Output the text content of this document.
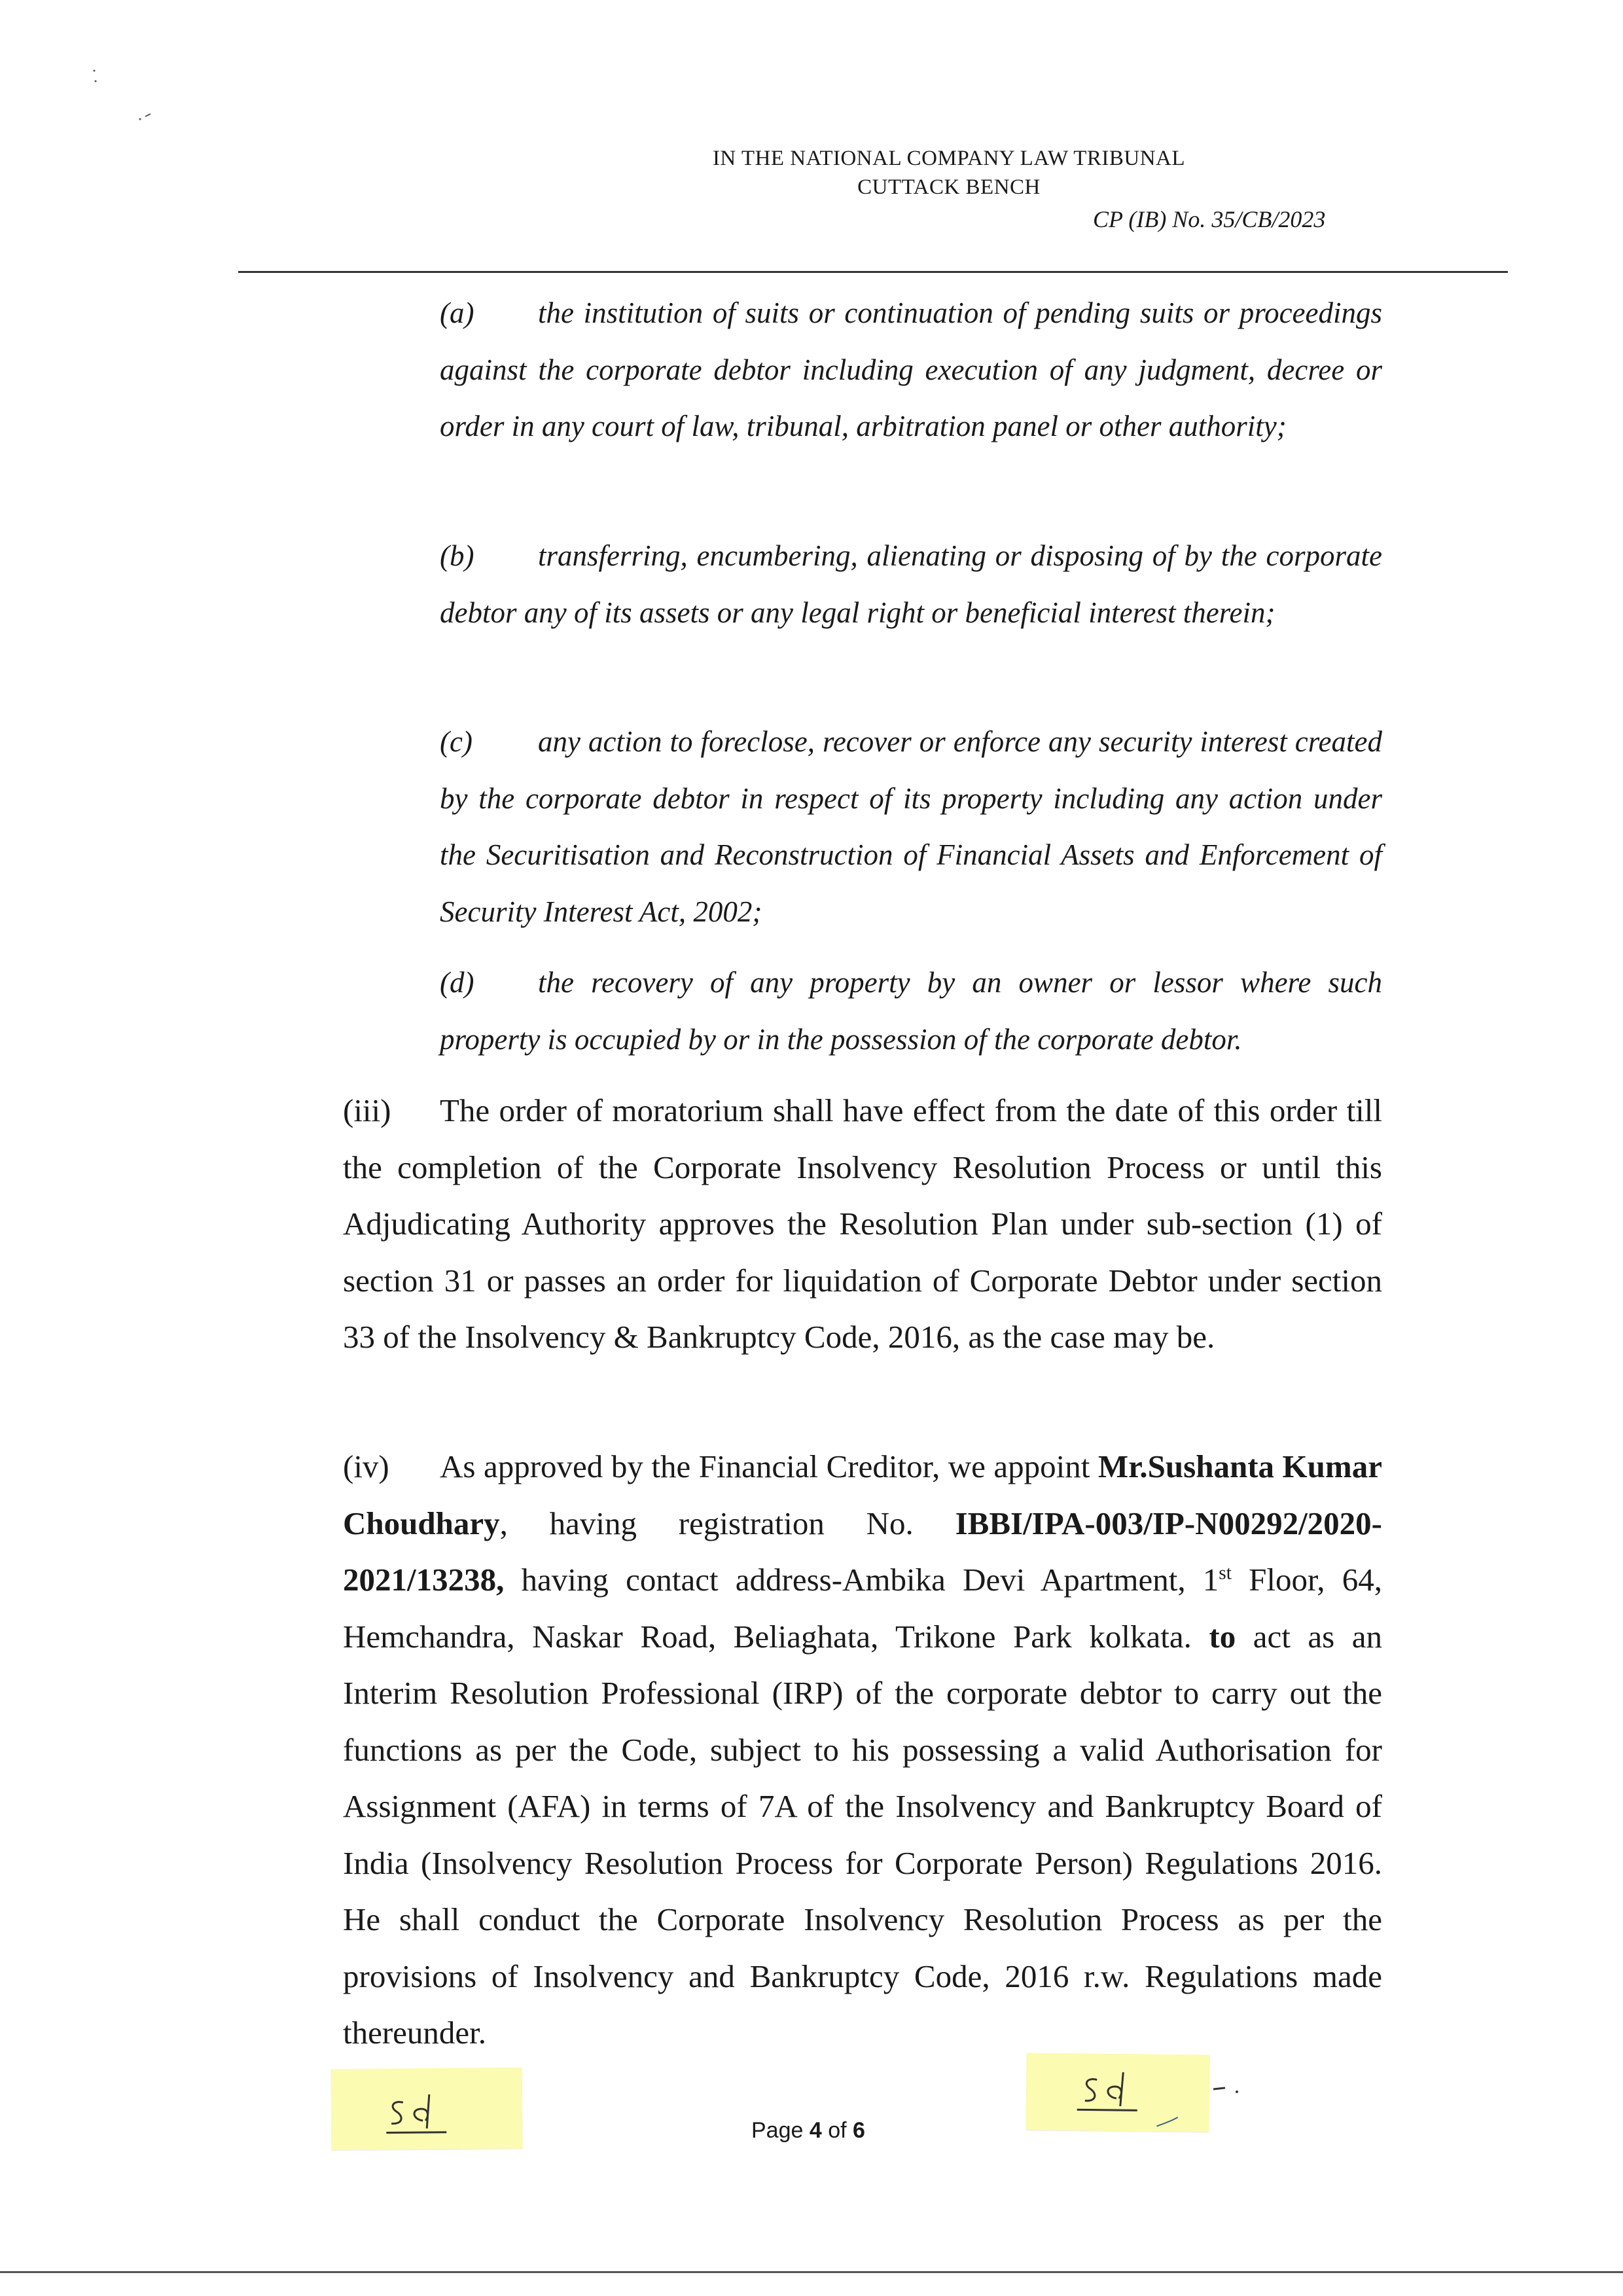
IN THE NATIONAL COMPANY LAW TRIBUNAL
CUTTACK BENCH
CP (IB) No. 35/CB/2023
(a) the institution of suits or continuation of pending suits or proceedings against the corporate debtor including execution of any judgment, decree or order in any court of law, tribunal, arbitration panel or other authority;
(b) transferring, encumbering, alienating or disposing of by the corporate debtor any of its assets or any legal right or beneficial interest therein;
(c) any action to foreclose, recover or enforce any security interest created by the corporate debtor in respect of its property including any action under the Securitisation and Reconstruction of Financial Assets and Enforcement of Security Interest Act, 2002;
(d) the recovery of any property by an owner or lessor where such property is occupied by or in the possession of the corporate debtor.
(iii) The order of moratorium shall have effect from the date of this order till the completion of the Corporate Insolvency Resolution Process or until this Adjudicating Authority approves the Resolution Plan under sub-section (1) of section 31 or passes an order for liquidation of Corporate Debtor under section 33 of the Insolvency & Bankruptcy Code, 2016, as the case may be.
(iv) As approved by the Financial Creditor, we appoint Mr.Sushanta Kumar Choudhary, having registration No. IBBI/IPA-003/IP-N00292/2020-2021/13238, having contact address-Ambika Devi Apartment, 1st Floor, 64, Hemchandra, Naskar Road, Beliaghata, Trikone Park kolkata. to act as an Interim Resolution Professional (IRP) of the corporate debtor to carry out the functions as per the Code, subject to his possessing a valid Authorisation for Assignment (AFA) in terms of 7A of the Insolvency and Bankruptcy Board of India (Insolvency Resolution Process for Corporate Person) Regulations 2016. He shall conduct the Corporate Insolvency Resolution Process as per the provisions of Insolvency and Bankruptcy Code, 2016 r.w. Regulations made thereunder.
Page 4 of 6
